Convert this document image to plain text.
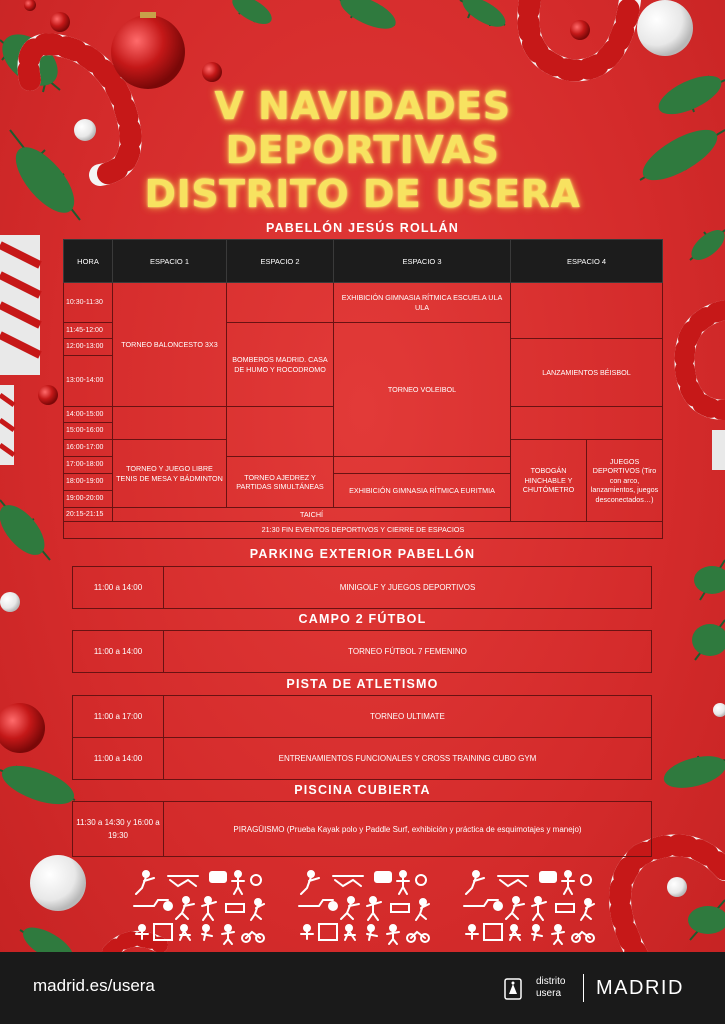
V NAVIDADES
DEPORTIVAS
DISTRITO DE USERA
PABELLÓN JESÚS ROLLÁN
HORA	ESPACIO 1	ESPACIO 2	ESPACIO 3	ESPACIO 4	
10:30-11:30	TORNEO BALONCESTO 3X3		EXHIBICIÓN GIMNASIA RÍTMICA ESCUELA ULA ULA		
11:45-12:00		BOMBEROS MADRID. CASA DE HUMO Y ROCODROMO	TORNEO VOLEIBOL		
12:00-13:00				LANZAMIENTOS BÉISBOL	
13:00-14:00					
14:00-15:00					
15:00-16:00					
16:00-17:00	TORNEO Y JUEGO LIBRE TENIS DE MESA Y BÁDMINTON			TOBOGÁN HINCHABLE Y CHUTÓMETRO	JUEGOS DEPORTIVOS (Tiro con arco, lanzamientos, juegos desconectados…)
17:00-18:00		TORNEO AJEDREZ Y PARTIDAS SIMULTÁNEAS			
18:00-19:00			EXHIBICIÓN GIMNASIA RÍTMICA EURITMIA		
19:00-20:00					
20:15-21:15	TAICHÍ				
21:30 FIN EVENTOS DEPORTIVOS Y CIERRE DE ESPACIOS					
PARKING EXTERIOR PABELLÓN
11:00 a 14:00	MINIGOLF Y JUEGOS DEPORTIVOS
CAMPO 2 FÚTBOL
11:00 a 14:00	TORNEO FÚTBOL 7 FEMENINO
PISTA DE ATLETISMO
11:00 a 17:00	TORNEO ULTIMATE
11:00 a 14:00	ENTRENAMIENTOS FUNCIONALES Y CROSS TRAINING CUBO GYM
PISCINA CUBIERTA
11:30 a 14:30 y 16:00 a 19:30	PIRAGÜISMO (Prueba Kayak polo y Paddle Surf, exhibición y práctica de esquimotajes y manejo)
madrid.es/usera	distrito
usera MADRID
